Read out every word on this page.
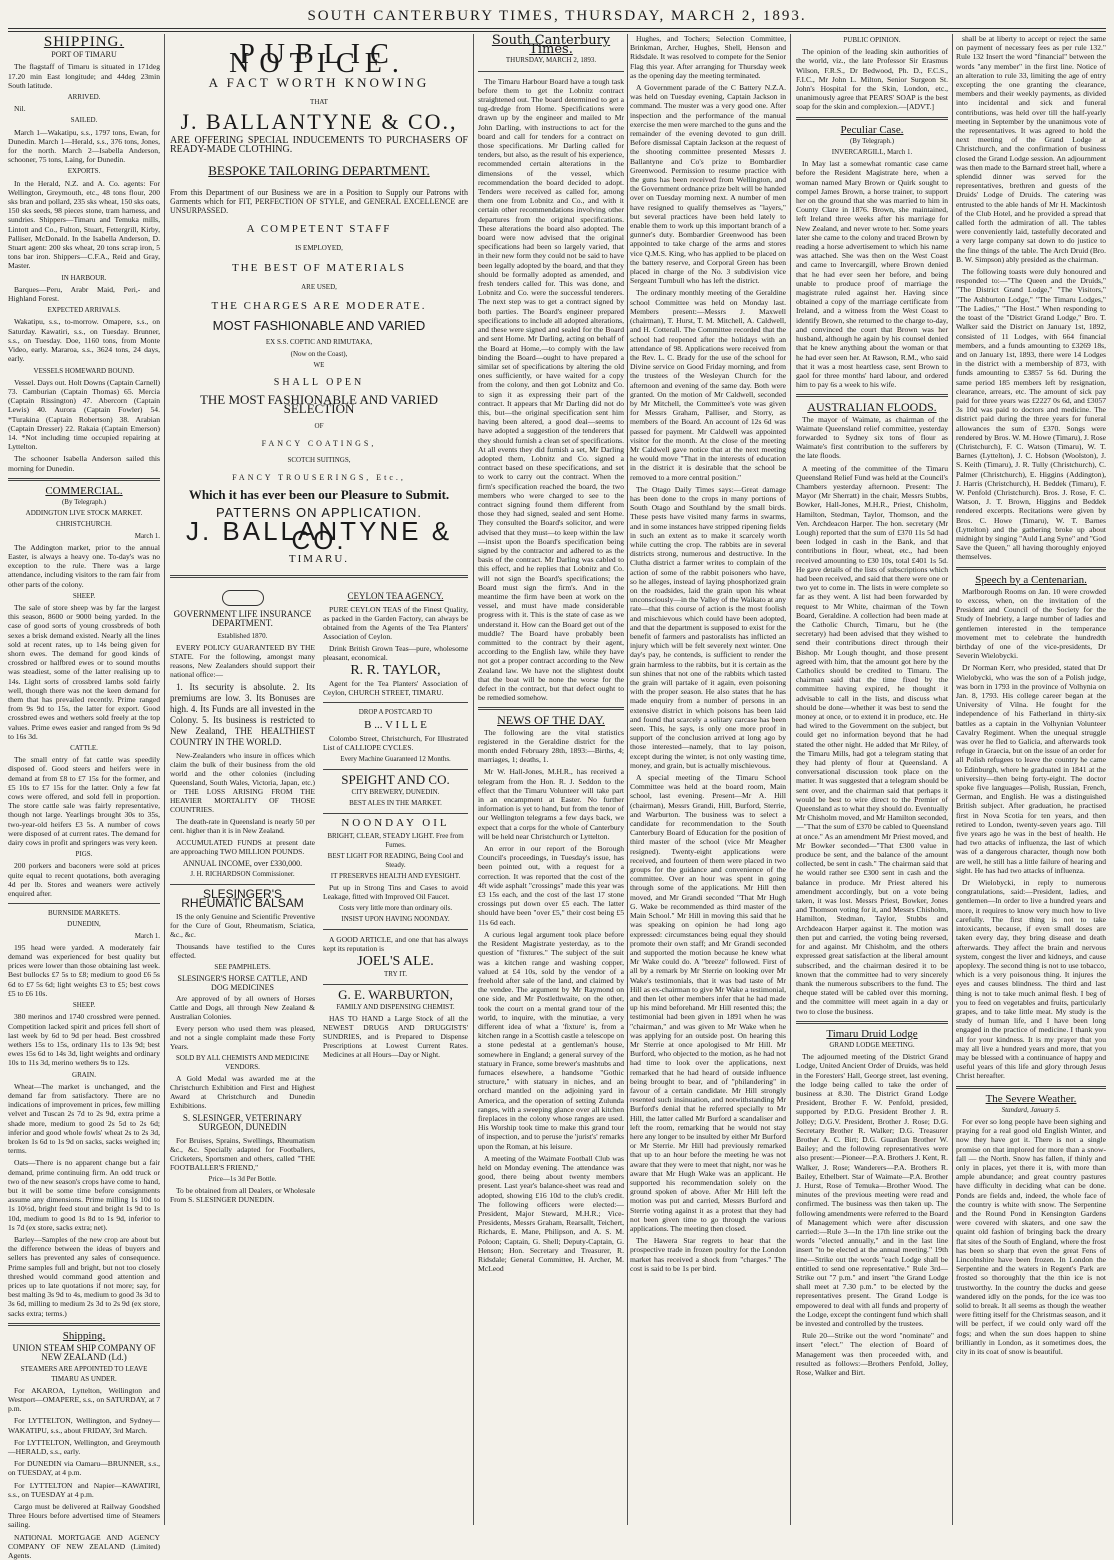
SOUTH CANTERBURY TIMES, THURSDAY, MARCH 2, 1893.
SHIPPING.
PORT OF TIMARU

The flagstaff of Timaru is situated in 171deg 17.20 min East longitude; and 44deg 23min South latitude.

ARRIVED.

Nil.

SAILED.

March 1—Wakatipu, s.s., 1797 tons, Ewan, for Dunedin. March 1—Herald, s.s., 376 tons, Jones, for the north. March 2—Isabella Anderson, schooner, 75 tons, Laing, for Dunedin.

EXPORTS.

In the Herald, N.Z. and A. Co. agents: For Wellington, Greymouth, etc., 48 tons flour, 200 sks bran and pollard, 235 sks wheat, 150 sks oats, 150 sks seeds, 98 pieces stone, tram harness, and sundries. Shippers—Timaru and Temuka mills, Lintott and Co., Fulton, Stuart, Fettergrill, Kirby, Palliser, McDonald. In the Isabella Anderson, D. Stuart agent: 200 sks wheat, 20 tons scrap iron, 5 tons bar iron. Shippers—C.F.A., Reid and Gray, Master.

IN HARBOUR.

Barques—Peru, Arabr Maid, Peri,- and Highland Forest.

EXPECTED ARRIVALS.

Wakatipu, s.s., to-morrow. Omapere, s.s., on Saturday. Kawatiri, s.s., on Tuesday. Brunner, s.s., on Tuesday. Doe, 1160 tons, from Monte Video, early. Mararoa, s.s., 3624 tons, 24 days, early.

VESSELS HOMEWARD BOUND.

Vessel. Days out. Holt Downs (Captain Carnell) 73. Camburian (Captain Thomas) 65. Mercia (Captain Rissington) 47. Abercorn (Captain Lewis) 40. Aurora (Captain Fowler) 54. *Turakina (Captain Robertson) 38. Arabian (Captain Dresser) 22. Rakaia (Captain Emerson) 14. *Not including time occupied repairing at Lyttelton.

The schooner Isabella Anderson sailed this morning for Dunedin.

COMMERCIAL.
(By Telegraph.)
ADDINGTON LIVE STOCK MARKET.
CHRISTCHURCH.
March 1.

The Addington market, prior to the annual Easter, is always a heavy one. To-day's was no exception to the rule. There was a large attendance, including visitors to the ram fair from other parts of the colony.

SHEEP.

The sale of store sheep was by far the largest this season, 8600 or 9000 being yarded. In the case of good sorts of young crossbreds of both sexes a brisk demand existed. Nearly all the lines sold at recent rates, up to 14s being given for shorn ewes. The demand for good kinds of crossbred or halfbred ewes or to sound mouths was steadiest, some of the latter realising up to 14s. Light sorts of crossbred lambs sold fairly well, though there was not the keen demand for them that has prevailed recently. Prime ranged from 9s 9d to 15s, the latter for export. Good crossbred ewes and wethers sold freely at the top values. Prime ewes easier and ranged from 9s 9d to 16s 3d.

CATTLE.

The small entry of fat cattle was speedily disposed of. Good steers and heifers were in demand at from £8 to £7 15s for the former, and £5 10s to £7 15s for the latter. Only a few fat cows were offered, and sold fell in proportion. The store cattle sale was fairly representative, though not large. Yearlings brought 30s to 35s, two-year-old heifers £3 5s. A number of cows were disposed of at current rates. The demand for dairy cows in profit and springers was very keen.

PIGS.

200 porkers and baconers were sold at prices quite equal to recent quotations, both averaging 4d per lb. Stores and weaners were actively enquired after.

BURNSIDE MARKETS.
DUNEDIN,
March 1.

195 head were yarded. A moderately fair demand was experienced for best quality but prices were lower than those obtaining last week. Best bullocks £7 5s to £8; medium to good £6 5s 6d to £7 5s 6d; light weights £3 to £5; best cows £5 to £6 10s.

SHEEP.

380 merinos and 1740 crossbred were penned. Competition lacked spirit and prices fell short of last week by 6d to 9d per head. Best crossbred wethers 15s to 15s, ordinary 11s to 13s 9d; best ewes 15s 6d to 14s 3d, light weights and ordinary 10s to 11s 3d, merino wethers 9s to 12s.

GRAIN.

Wheat—The market is unchanged, and the demand far from satisfactory. There are no indications of improvement in prices, few milling velvet and Tuscan 2s 7d to 2s 9d, extra prime a shade more, medium to good 2s 5d to 2s 6d; inferior and good whole fowls' wheat 2s to 2s 3d, broken 1s 6d to 1s 9d on sacks, sacks weighed in; terms.

Oats—There is no apparent change but a fair demand, prime continuing firm. An odd truck or two of the new season's crops have come to hand, but it will be some time before consignments assume any dimensions. Prime milling 1s 10d to 1s 10½d, bright feed stout and bright 1s 9d to 1s 10d, medium to good 1s 8d to 1s 9d, inferior to 1s 7d (ex store, sacks extra; net).

Barley—Samples of the new crop are about but the difference between the ideas of buyers and sellers has prevented any sales of consequence. Prime samples full and bright, but not too closely threshed would command good attention and prices up to late quotations if not more; say, for best malting 3s 9d to 4s, medium to good 3s 3d to 3s 6d, milling to medium 2s 3d to 2s 9d (ex store, sacks extra; terms.)

Shipping.
UNION STEAM SHIP COMPANY OF NEW ZEALAND (Ld.)
STEAMERS ARE APPOINTED TO LEAVE TIMARU AS UNDER.

For AKAROA, Lyttelton, Wellington and Westport—OMAPERE, s.s., on SATURDAY, at 7 p.m.

For LYTTELTON, Wellington, and Sydney—WAKATIPU, s.s., about FRIDAY, 3rd March.

For LYTTELTON, Wellington, and Greymouth—HERALD, s.s., early.

For DUNEDIN via Oamaru—BRUNNER, s.s., on TUESDAY, at 4 p.m.

For LYTTELTON and Napier—KAWATIRI, s.s., on TUESDAY at 4 p.m.

Cargo must be delivered at Railway Goodshed Three Hours before advertised time of Steamers sailing.

NATIONAL MORTGAGE AND AGENCY COMPANY OF NEW ZEALAND (Limited) Agents.

PUBLIC NOTICE.
A FACT WORTH KNOWING
THAT
J. BALLANTYNE & CO.,

ARE OFFERING SPECIAL INDUCEMENTS TO PURCHASERS OF READY-MADE CLOTHING.

BESPOKE TAILORING DEPARTMENT.

From this Department of our Business we are in a Position to Supply our Patrons with Garments which for FIT, PERFECTION OF STYLE, and GENERAL EXCELLENCE are UNSURPASSED.

A COMPETENT STAFF
IS EMPLOYED,
THE BEST OF MATERIALS
ARE USED,
THE CHARGES ARE MODERATE.
MOST FASHIONABLE AND VARIED
EX S.S. COPTIC AND RIMUTAKA,
(Now on the Coast),
WE
SHALL OPEN
THE MOST FASHIONABLE AND VARIED SELECTION
OF
FANCY COATINGS,
SCOTCH SUITINGS,
FANCY TROUSERINGS, Etc.,
Which it has ever been our Pleasure to Submit.
PATTERNS ON APPLICATION.
J. BALLANTYNE & CO.
TIMARU.
GOVERNMENT LIFE INSURANCE DEPARTMENT.
Established 1870.

EVERY POLICY GUARANTEED BY THE STATE. For the following, amongst many reasons, New Zealanders should support their national office:—

1. Its security is absolute. 2. Its premiums are low. 3. Its Bonuses are high. 4. Its Funds are all invested in the Colony. 5. Its business is restricted to New Zealand, THE HEALTHIEST COUNTRY IN THE WORLD.

New-Zealanders who insure in offices which claim the bulk of their business from the old world and the other colonies (including Queensland, South Wales, Victoria, Japan, etc.) or THE LOSS ARISING FROM THE HEAVIER MORTALITY OF THOSE COUNTRIES.

The death-rate in Queensland is nearly 50 per cent. higher than it is in New Zealand.

ACCUMULATED FUNDS at present date are approaching TWO MILLION POUNDS.

ANNUAL INCOME, over £330,000.
J. H. RICHARDSON Commissioner.
SLESINGER'S RHEUMATIC BALSAM

IS the only Genuine and Scientific Preventive for the Cure of Gout, Rheumatism, Sciatica, &c., &c.

Thousands have testified to the Cures effected.

SEE PAMPHLETS.
SLESINGER'S HORSE CATTLE, AND DOG MEDICINES

Are approved of by all owners of Horses Cattle and Dogs, all through New Zealand & Australian Colonies.

Every person who used them was pleased, and not a single complaint made these Forty Years.

SOLD BY ALL CHEMISTS AND MEDICINE VENDORS.

A Gold Medal was awarded me at the Christchurch Exhibition and First and Highest Award at Christchurch and Dunedin Exhibitions.

S. SLESINGER, VETERINARY SURGEON, DUNEDIN

For Bruises, Sprains, Swellings, Rheumatism &c., &c. Specially adapted for Footballers, Cricketers, Sportsmen and others, called "THE FOOTBALLER'S FRIEND,"

Price—1s 3d Per Bottle.

To be obtained from all Dealers, or Wholesale From S. SLESINGER DUNEDIN.

CEYLON TEA AGENCY.

PURE CEYLON TEAS of the Finest Quality, as packed in the Garden Factory, can always be obtained from the Agents of the Tea Planters' Association of Ceylon.

Drink British Grown Teas—pure, wholesome pleasant, economical.

R. R. TAYLOR,

Agent for the Tea Planters' Association of Ceylon, CHURCH STREET, TIMARU.

DROP A POSTCARD TO
B ... V I L L E

Colombo Street, Christchurch, For Illustrated List of CALLIOPE CYCLES.

Every Machine Guaranteed 12 Months.
SPEIGHT AND CO.
CITY BREWERY, DUNEDIN.
BEST ALES IN THE MARKET.
NOONDAY OIL
BRIGHT, CLEAR, STEADY LIGHT. Free from Fumes.
BEST LIGHT FOR READING, Being Cool and Steady.
IT PRESERVES HEALTH AND EYESIGHT.

Put up in Strong Tins and Cases to avoid Leakage, fitted with Improved Oil Faucet.

Costs very little more than ordinary oils.
INSIST UPON HAVING NOONDAY.

A GOOD ARTICLE, and one that has always kept its reputation is

JOEL'S ALE.
TRY IT.
G. E. WARBURTON,
FAMILY AND DISPENSING CHEMIST.

HAS TO HAND a Large Stock of all the NEWEST DRUGS AND DRUGGISTS' SUNDRIES, and is Prepared to Dispense Prescriptions at Lowest Current Rates. Medicines at all Hours—Day or Night.

South Canterbury Times.
THURSDAY, MARCH 2, 1893.

The Timaru Harbour Board have a tough task before them to get the Lobnitz contract straightened out. The board determined to get a tug-dredge from Home. Specifications were drawn up by the engineer and mailed to Mr John Darling, with instructions to act for the board and call for tenders for a contract on those specifications. Mr Darling called for tenders, but also, as the result of his experience, recommended certain alterations in the dimensions of the vessel, which recommendation the board decided to adopt. Tenders were received as called for, among them one from Lobnitz and Co., and with it certain other recommendations involving other departures from the original specifications. These alterations the board also adopted. The board were now advised that the original specifications had been so largely varied, that in their new form they could not be said to have been legally adopted by the board, and that they should be formally adopted as amended, and fresh tenders called for. This was done, and Lobnitz and Co. were the successful tenderers. The next step was to get a contract signed by both parties. The Board's engineer prepared specifications to include all adopted alterations, and these were signed and sealed for the Board and sent Home. Mr Darling, acting on behalf of the Board at Home,—to comply with the law binding the Board—ought to have prepared a similar set of specifications by altering the old ones sufficiently, or have waited for a copy from the colony, and then got Lobnitz and Co. to sign it as expressing their part of the contract. It appears that Mr Darling did not do this, but—the original specification sent him having been altered, a good deal—seems to have adopted a suggestion of the tenderers that they should furnish a clean set of specifications. At all events they did furnish a set, Mr Darling adopted them, Lobnitz and Co. signed a contract based on these specifications, and set to work to carry out the contract. When the firm's specification reached the board, the two members who were charged to see to the contract signing found them different from those they had signed, sealed and sent Home. They consulted the Board's solicitor, and were advised that they must—to keep within the law—insist upon the Board's specification being signed by the contractor and adhered to as the basis of the contract. Mr Darling was cabled to this effect, and he replies that Lobnitz and Co. will not sign the Board's specifications; the Board must sign the firm's. And in the meantime the firm have been at work on the vessel, and must have made considerable progress with it. This is the state of case as we understand it. How can the Board get out of the muddle? The Board have probably been committed to the contract by their agent, according to the English law, while they have not got a proper contract according to the New Zealand law. We have not the slightest doubt that the boat will be none the worse for the defect in the contract, but that defect ought to be remedied somehow.

NEWS OF THE DAY.

The following are the vital statistics registered in the Geraldine district for the month ended February 28th, 1893:—Births, 4; marriages, 1; deaths, 1.

Mr W. Hall-Jones, M.H.R., has received a telegram from the Hon. R. J. Seddon to the effect that the Timaru Volunteer will take part in an encampment at Easter. No further information is yet to hand, but from the tenor of our Wellington telegrams a few days back, we expect that a corps for the whole of Canterbury will be held near Christchurch or Lyttelton.

An error in our report of the Borough Council's proceedings, in Tuesday's issue, has been pointed out, with a request for a correction. It was reported that the cost of the 4ft wide asphalt "crossings" made this year was £3 15s each, and the cost of the last 17 stone crossings put down over £5 each. The latter should have been "over £5," their cost being £5 11s 6d each.

A curious legal argument took place before the Resident Magistrate yesterday, as to the question of "fixtures." The subject of the suit was a kitchen range and washing copper, valued at £4 10s, sold by the vendor of a freehold after sale of the land, and claimed by the vendee. The argument by Mr Raymond on one side, and Mr Postlethwaite, on the other, took the court on a mental grand tour of the world, to inquire, with the minutiae, a very different idea of what a 'fixture' is, from a kitchen range in a Scottish castle a telescope on a stone pedestal at a gentleman's house, somewhere in England; a general survey of the statuary in France, some brewer's mashtubs and furnaces elsewhere, a handsome "Gothic structure," with statuary in niches, and an orchard mantled on the adjoining yard in America, and the operation of setting Zulunda ranges, with a sweeping glance over all kitchen fireplaces in the colony whose ranges are used. His Worship took time to make this grand tour of inspection, and to peruse the 'jurist's' remarks upon the Roman, at his leisure.

A meeting of the Waimate Football Club was held on Monday evening. The attendance was good, there being about twenty members present. Last year's balance-sheet was read and adopted, showing £16 10d to the club's credit. The following officers were elected:—President, Major Steward, M.H.R.; Vice-Presidents, Messrs Graham, Rearsallt, Teichert, Richards, E. Mane, Philipson, and A. S. M. Poloon; Captain, G. Shell; Deputy-Captain, G. Henson; Hon. Secretary and Treasurer, R. Ridsdale; General Committee, H. Archer, M. McLeod

Hughes, and Tochers; Selection Committee, Brinkman, Archer, Hughes, Shell, Henson and Ridsdale. It was resolved to compete for the Senior Flag this year. After arranging for Thursday week as the opening day the meeting terminated.

A Government parade of the C Battery N.Z.A. was held on Tuesday evening, Captain Jackson in command. The muster was a very good one. After inspection and the performance of the manual exercise the men were marched to the guns and the remainder of the evening devoted to gun drill. Before dismissal Captain Jackson at the request of the shooting committee presented Messrs J. Ballantyne and Co's prize to Bombardier Greenwood. Permission to resume practice with the guns has been received from Wellington, and the Government ordnance prize belt will be handed over on Tuesday morning next. A number of men have resigned to qualify themselves as "layers," but several practices have been held lately to enable them to work up this important branch of a gunner's duty. Bombardier Greenwood has been appointed to take charge of the arms and stores vice Q.M.S. King, who has applied to be placed on the battery reserve, and Corporal Green has been placed in charge of the No. 3 subdivision vice Sergeant Turnbull who has left the district.

The ordinary monthly meeting of the Geraldine school Committee was held on Monday last. Members present:—Messrs J. Maxwell (chairman), T. Hurst, T. M. Mitchell, A. Caldwell, and H. Cotterall. The Committee recorded that the school had reopened after the holidays with an attendance of 98. Applications were received from the Rev. L. C. Brady for the use of the school for Divine service on Good Friday morning, and from the trustees of the Wesleyan Church for the afternoon and evening of the same day. Both were granted. On the motion of Mr Caldwell, seconded by Mr Mitchell, the Committee's vote was given for Messrs Graham, Palliser, and Storry, as members of the Board. An account of 12s 6d was passed for payment. Mr Caldwell was appointed visitor for the month. At the close of the meeting Mr Caldwell gave notice that at the next meeting he would move "That in the interests of education in the district it is desirable that the school be removed to a more central position."

The Otago Daily Times says:—Great damage has been done to the crops in many portions of South Otago and Southland by the small birds. These pests have visited many farms in swarms, and in some instances have stripped ripening fields in such an extent as to make it scarcely worth while cutting the crop. The rabbits are in several districts strong, numerous and destructive. In the Clutha district a farmer writes to complain of the action of some of the rabbit poisoners who have, so he alleges, instead of laying phosphorized grain on the roadsides, laid the grain upon his wheat unconsciously—in the Valley of the Waikato at any rate—that this course of action is the most foolish and mischievous which could have been adopted, and that the department is supposed to exist for the benefit of farmers and pastoralists has inflicted an injury which will be felt severely next winter. One day's pay, he contends, is sufficient to render the grain harmless to the rabbits, but it is certain as the sun shines that not one of the rabbits which tasted the grain will partake of it again, even poisoning with the proper season. He also states that he has made enquiry from a number of persons in an extensive district in which poisons has been laid and found that scarcely a solitary carcase has been seen. This, he says, is only one more proof in support of the conclusion arrived at long ago by those interested—namely, that to lay poison, except during the winter, is not only wasting time, money, and grain, but is actually mischievous.

A special meeting of the Timaru School Committee was held at the board room, Main school, last evening. Present—Mr A. Hill (chairman), Messrs Grandi, Hill, Burford, Sterrie, and Warburton. The business was to select a candidate for recommendation to the South Canterbury Board of Education for the position of third master of the school (vice Mr Meagher resigned). Twenty-eight applications were received, and fourteen of them were placed in two groups for the guidance and convenience of the committee. Over an hour was spent in going through some of the applications. Mr Hill then moved, and Mr Grandi seconded "That Mr Hugh G. Wake be recommended as third master of the Main School." Mr Hill in moving this said that he was speaking on opinion he had long ago expressed: circumstances being equal they should promote their own staff; and Mr Grandi seconded and supported the motion because he knew what Mr Wake could do. A "breeze" followed. First of all by a remark by Mr Sterrie on looking over Mr Wake's testimonials, that it was bad taste of Mr Hill as ex-chairman to give Mr Wake a testimonial, and then let other members infer that he had made up his mind beforehand. Mr Hill resented this; the testimonial had been given in 1891 when he was "chairman," and was given to Mr Wake when he was applying for an outside post. On hearing this Mr Sterrie at once apologised to Mr Hill. Mr Burford, who objected to the motion, as he had not had time to look over the applications, next remarked that he had heard of outside influence being brought to bear, and of "philandering" in favour of a certain candidate. Mr Hill strongly resented such insinuation, and notwithstanding Mr Burford's denial that he referred specially to Mr Hill, the latter called Mr Burford a scandaliser and left the room, remarking that he would not stay here any longer to be insulted by either Mr Burford or Mr Sterrie. Mr Hill had previously remarked that up to an hour before the meeting he was not aware that they were to meet that night, nor was he aware that Mr Hugh Wake was an applicant. He supported his recommendation solely on the ground spoken of above. After Mr Hill left the motion was put and carried, Messrs Burford and Sterrie voting against it as a protest that they had not been given time to go through the various applications. The meeting then closed.

The Hawera Star regrets to hear that the prospective trade in frozen poultry for the London market has received a shock from "charges." The cost is said to be 1s per bird.

PUBLIC OPINION.

The opinion of the leading skin authorities of the world, viz., the late Professor Sir Erasmus Wilson, F.R.S., Dr Bedwood, Ph. D., F.C.S., F.I.C., Mr John L. Milton, Senior Surgeon St. John's Hospital for the Skin, London, etc., unanimously agree that PEARS' SOAP is the best soap for the skin and complexion.—[ADVT.]

Peculiar Case.
(By Telegraph.)
INVERCARGILL, March 1.

In May last a somewhat romantic case came before the Resident Magistrate here, when a woman named Mary Brown or Quirk sought to compel James Brown, a horse trainer, to support her on the ground that she was married to him in County Clare in 1876. Brown, she maintained, left Ireland three weeks after his marriage for New Zealand, and never wrote to her. Some years later she came to the colony and traced Brown by reading a horse advertisement to which his name was attached. She was then on the West Coast and came to Invercargill, where Brown denied that he had ever seen her before, and being unable to produce proof of marriage the magistrate ruled against her. Having since obtained a copy of the marriage certificate from Ireland, and a witness from the West Coast to identify Brown, she returned to the charge to-day, and convinced the court that Brown was her husband, although he again by his counsel denied that he knew anything about the woman or that he had ever seen her. At Rawson, R.M., who said that it was a most heartless case, sent Brown to gaol for three months' hard labour, and ordered him to pay 6s a week to his wife.

AUSTRALIAN FLOODS.

The mayor of Waimate, as chairman of the Waimate Queensland relief committee, yesterday forwarded to Sydney six tons of flour as Waimate's first contribution to the sufferers by the late floods.

A meeting of the committee of the Timaru Queensland Relief Fund was held at the Council's Chambers yesterday afternoon. Present: The Mayor (Mr Sherratt) in the chair, Messrs Stubbs, Bowker, Hall-Jones, M.H.R., Priest, Chisholm, Hamilton, Stedman, Taylor, Thomson, and the Ven. Archdeacon Harper. The hon. secretary (Mr Lough) reported that the sum of £370 11s 5d had been lodged in cash in the Bank, and that contributions in flour, wheat, etc., had been received amounting to £30 10s, total £401 1s 5d. He gave details of the lists of subscriptions which had been received, and said that there were one or two yet to come in. The lists in were complete so far as they went. A list had been forwarded by request to Mr White, chairman of the Town Board, Geraldine. A collection had been made at the Catholic Church, Timaru, but he (the secretary) had been advised that they wished to send their contributions direct through their Bishop. Mr Lough thought, and those present agreed with him, that the amount got here by the Catholics should be credited to Timaru. The chairman said that the time fixed by the committee having expired, he thought it advisable to call in the lists, and discuss what should be done—whether it was best to send the money at once, or to extend it in produce, etc. He had wired to the Government on the subject, but could get no information beyond that he had stated the other night. He added that Mr Riley, of the Timaru Mills, had got a telegram stating that they had plenty of flour at Queensland. A conversational discussion took place on the matter. It was suggested that a telegram should be sent over, and the chairman said that perhaps it would be best to wire direct to the Premier of Queensland as to what they should do. Eventually Mr Chisholm moved, and Mr Hamilton seconded,—"That the sum of £370 be cabled to Queensland at once." As an amendment Mr Priest moved, and Mr Bowker seconded—"That £300 value in produce be sent, and the balance of the amount collected, be sent in cash." The chairman said that he would rather see £300 sent in cash and the balance in produce. Mr Priest altered his amendment accordingly, but on a vote being taken, it was lost. Messrs Priest, Bowker, Jones and Thomson voting for it, and Messrs Chisholm, Hamilton, Stedman, Taylor, Stubbs and Archdeacon Harper against it. The motion was then put and carried, the voting being reversed, for and against. Mr Chisholm, and the others expressed great satisfaction at the liberal amount subscribed, and the chairman desired it to be known that the committee had to very sincerely thank the numerous subscribers to the fund. The cheque stated will be cabled over this morning, and the committee will meet again in a day or two to close the business.

Timaru Druid Lodge
GRAND LODGE MEETING.

The adjourned meeting of the District Grand Lodge, United Ancient Order of Druids, was held in the Foresters' Hall, George street, last evening, the lodge being called to take the order of business at 8.30. The District Grand Lodge President, Brother F. W. Penfold, presided, supported by P.D.G. President Brother J. R. Jolley; D.G.V. President, Brother J. Rose; D.G. Secretary Brother R. Walker; D.G. Treasurer Brother A. C. Birt; D.G. Guardian Brother W. Bailey; and the following representatives were also present:—Pioneer—P.A. Brothers J. Kent, R. Walker, J. Rose; Wanderers—P.A. Brothers R. Bailey, Ethelbert. Star of Waimate—P.A. Brother J. Hurst, Rose of Temuka—Brother Wood. The minutes of the previous meeting were read and confirmed. The business was then taken up. The following amendments were referred to the Board of Management which were after discussion carried:—Rule 3—In the 17th line strike out the words "elected annually," and in the last line insert "to be elected at the annual meeting." 19th line—Strike out the words "each Lodge shall be entitled to send one representative." Rule 3rd—Strike out "7 p.m." and insert "the Grand Lodge shall meet at 7.30 p.m." to be elected by the representatives present. The Grand Lodge is empowered to deal with all funds and property of the Lodge, except the contingent fund which shall be invested and controlled by the trustees.

Rule 20—Strike out the word "nominate" and insert "elect." The election of Board of Management was then proceeded with, and resulted as follows:—Brothers Penfold, Jolley, Rose, Walker and Birt.

shall be at liberty to accept or reject the same on payment of necessary fees as per rule 132." Rule 132 Insert the word "financial" between the words "any member" in the first line. Notice of an alteration to rule 33, limiting the age of entry excepting the one granting the clearance, members and their weekly payments, as divided into incidental and sick and funeral contributions, was held over till the half-yearly meeting in September by the unanimous vote of the representatives. It was agreed to hold the next meeting of the Grand Lodge at Christchurch, and the confirmation of business closed the Grand Lodge session. An adjournment was then made to the Barnard street hall, where a splendid dinner was served for the representatives, brethren and guests of the Druids' Lodge of Druids. The catering was entrusted to the able hands of Mr H. Mackintosh of the Club Hotel, and he provided a spread that called forth the admiration of all. The tables were conveniently laid, tastefully decorated and a very large company sat down to do justice to the fine things of the table. The Arch Druid (Bro. B. W. Simpson) ably presided as the chairman.

The following toasts were duly honoured and responded to:—"The Queen and the Druids," "The District Grand Lodge," "The Visitors," "The Ashburton Lodge," "The Timaru Lodges," "The Ladies," "The Host." When responding to the toast of the "District Grand Lodge," Bro. T. Walker said the District on January 1st, 1892, consisted of 11 Lodges, with 664 financial members, and a funds amounting to £3269 18s, and on January 1st, 1893, there were 14 Lodges in the district with a membership of 873, with funds amounting to £3857 5s 6d. During the same period 185 members left by resignation, clearance, arrears, etc. The amount of sick pay paid for three years was £2227 0s 6d, and £3057 3s 10d was paid to doctors and medicine. The district paid during the three years for funeral allowances the sum of £370. Songs were rendered by Bros. W. M. Howe (Timaru), J. Rose (Christchurch), F. C. Watson (Timaru), W. T. Barnes (Lyttelton), J. C. Hobson (Woolston), J. S. Keith (Timaru), J. R. Tully (Christchurch), C. Palmer (Christchurch), E. Higgins (Addington), J. Harris (Christchurch), H. Beddek (Timaru), F. W. Penfold (Christchurch). Bros. J. Rose, F. C. Watson, J. T. Brown, Higgins and Beddek rendered excerpts. Recitations were given by Bros. C. Howe (Timaru), W. T. Barnes (Lyttelton) and the gathering broke up about midnight by singing "Auld Lang Syne" and "God Save the Queen," all having thoroughly enjoyed themselves.

Speech by a Centenarian.

Marlborough Rooms on Jan. 10 were crowded to excess, when, on the invitation of the President and Council of the Society for the Study of Inebriety, a large number of ladies and gentlemen interested in the temperance movement met to celebrate the hundredth birthday of one of the vice-presidents, Dr Severin Wielobycki.

Dr Norman Kerr, who presided, stated that Dr Wielobycki, who was the son of a Polish judge, was born in 1793 in the province of Volhynia on Jan. 8, 1793. His college career began at the University of Vilna. He fought for the independence of his Fatherland in thirty-six battles as a captain in the Volhynian Volunteer Cavalry Regiment. When the unequal struggle was over he fled to Galicia, and afterwards took refuge in Graecia, but on the issue of an order for all Polish refugees to leave the country he came to Edinburgh, where he graduated in 1841 at the university—then being forty-eight. The doctor spoke five languages—Polish, Russian, French, German, and English. He was a distinguished British subject. After graduation, he practised first in Nova Scotia for ten years, and then retired to London, twenty-seven years ago. Till five years ago he was in the best of health. He had two attacks of influenza, the last of which was of a dangerous character, though now both are well, he still has a little failure of hearing and sight. He has had two attacks of influenza.

Dr Wielobycki, in reply to numerous congratulations, said:—President, ladies, and gentlemen—In order to live a hundred years and more, it requires to know very much how to live carefully. The first thing is not to take intoxicants, because, if even small doses are taken every day, they bring disease and death afterwards. They affect the brain and nervous system, congest the liver and kidneys, and cause apoplexy. The second thing is not to use tobacco, which is a very poisonous thing. It injures the eyes and causes blindness. The third and last thing is not to take much animal flesh. I beg of you to feed on vegetables and fruits, particularly grapes, and to take little meat. My study is the study of human life, and I have been long engaged in the practice of medicine. I thank you all for your kindness. It is my prayer that you may all live a hundred years and more, that you may be blessed with a continuance of happy and useful years of this life and glory through Jesus Christ hereafter.

The Severe Weather.
Standard, January 5.

For ever so long people have been sighing and praying for a real good old English Winter, and now they have got it. There is not a single promise on that implored for more than a snow-fall — the North. Snow has fallen, if thinly and only in places, yet there it is, with more than ample abundance; and great country pastures have difficulty in deciding what can be done. Ponds are fields and, indeed, the whole face of the country is white with snow. The Serpentine and the Round Pond in Kensington Gardens were covered with skaters, and one saw the quaint old fashion of bringing back the dreary flat sites of the South of England, where the frost has been so sharp that even the great Fens of Lincolnshire have been frozen. In London the Serpentine and the waters in Regent's Park are frosted so thoroughly that the thin ice is not trustworthy. In the country the ducks and geese wandered idly on the ponds, for the ice was too solid to break. It all seems as though the weather were fitting itself for the Christmas season, and it will be perfect, if we could only ward off the fogs; and when the sun does happen to shine brilliantly in London, as it sometimes does, the city in its coat of snow is beautiful.
